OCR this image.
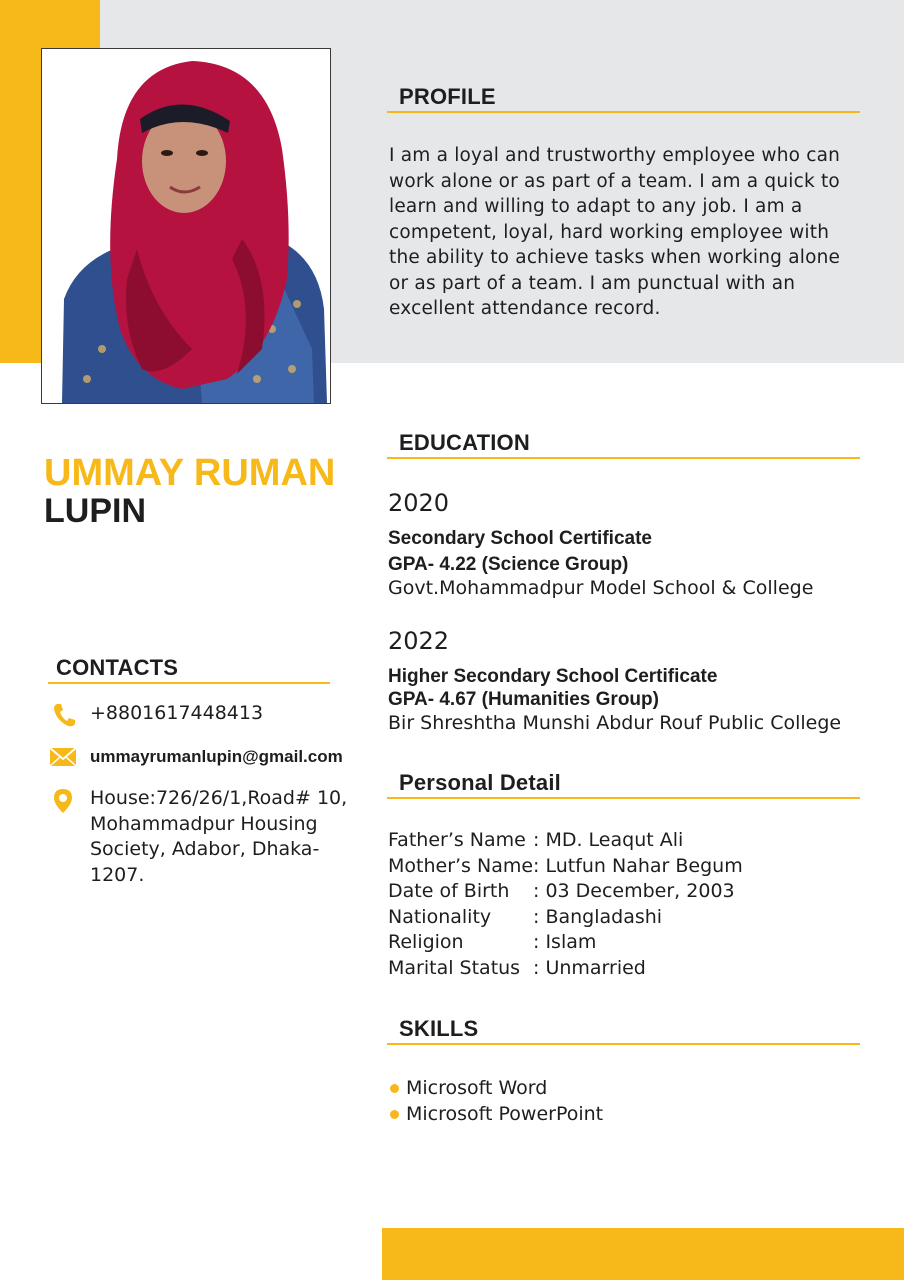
UMMAY RUMAN
LUPIN
PROFILE
I am a loyal and trustworthy employee who can work alone or as part of a team. I am a quick to learn and willing to adapt to any job. I am a competent, loyal, hard working employee with the ability to achieve tasks when working alone or as part of a team. I am punctual with an excellent attendance record.
CONTACTS
+8801617448413
ummayrumanlupin@gmail.com
House:726/26/1,Road# 10,
Mohammadpur Housing
Society, Adabor, Dhaka-
1207.
EDUCATION
2020
Secondary School Certificate
GPA- 4.22 (Science Group)
Govt.Mohammadpur Model School & College
2022
Higher Secondary School Certificate
GPA- 4.67 (Humanities Group)
Bir Shreshtha Munshi Abdur Rouf Public College
Personal Detail
Father’s Name : MD. Leaqut Ali
Mother’s Name : Lutfun Nahar Begum
Date of Birth	: 03 December, 2003
Nationality	: Bangladashi
Religion	: Islam
Marital Status : Unmarried
SKILLS
Microsoft Word
Microsoft PowerPoint
